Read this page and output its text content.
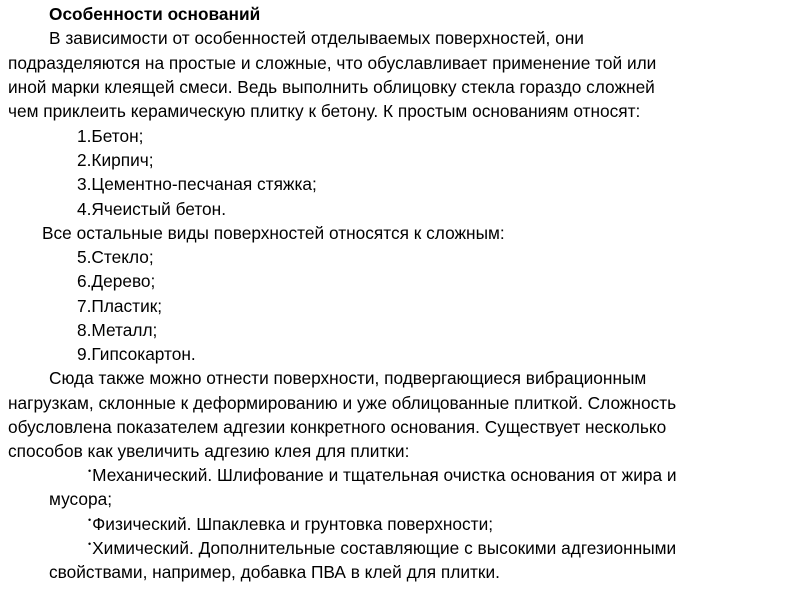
Особенности оснований
В зависимости от особенностей отделываемых поверхностей, они
подразделяются на простые и сложные, что обуславливает применение той или
иной марки клеящей смеси. Ведь выполнить облицовку стекла гораздо сложней
чем приклеить керамическую плитку к бетону. К простым основаниям относят:
1.Бетон;
2.Кирпич;
3.Цементно-песчаная стяжка;
4.Ячеистый бетон.
Все остальные виды поверхностей относятся к сложным:
5.Стекло;
6.Дерево;
7.Пластик;
8.Металл;
9.Гипсокартон.
Сюда также можно отнести поверхности, подвергающиеся вибрационным
нагрузкам, склонные к деформированию и уже облицованные плиткой. Сложность
обусловлена показателем адгезии конкретного основания. Существует несколько
способов как увеличить адгезию клея для плитки:
•Механический. Шлифование и тщательная очистка основания от жира и
мусора;
•Физический. Шпаклевка и грунтовка поверхности;
•Химический. Дополнительные составляющие с высокими адгезионными
свойствами, например, добавка ПВА в клей для плитки.
